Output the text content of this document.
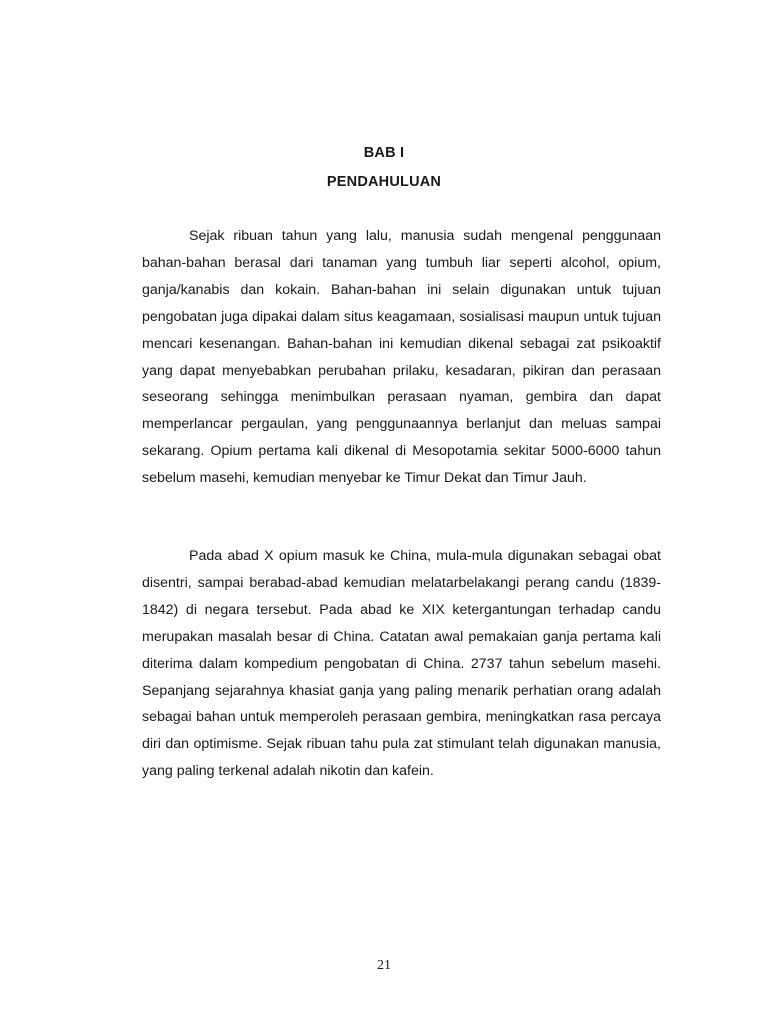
BAB I
PENDAHULUAN

Sejak ribuan tahun yang lalu, manusia sudah mengenal penggunaan bahan-bahan berasal dari tanaman yang tumbuh liar seperti alcohol, opium, ganja/kanabis dan kokain. Bahan-bahan ini selain digunakan untuk tujuan pengobatan juga dipakai dalam situs keagamaan, sosialisasi maupun untuk tujuan mencari kesenangan. Bahan-bahan ini kemudian dikenal sebagai zat psikoaktif yang dapat menyebabkan perubahan prilaku, kesadaran, pikiran dan perasaan seseorang sehingga menimbulkan perasaan nyaman, gembira dan dapat memperlancar pergaulan, yang penggunaannya berlanjut dan meluas sampai sekarang. Opium pertama kali dikenal di Mesopotamia sekitar 5000-6000 tahun sebelum masehi, kemudian menyebar ke Timur Dekat dan Timur Jauh.

Pada abad X opium masuk ke China, mula-mula digunakan sebagai obat disentri, sampai berabad-abad kemudian melatarbelakangi perang candu (1839-1842) di negara tersebut. Pada abad ke XIX ketergantungan terhadap candu merupakan masalah besar di China. Catatan awal pemakaian ganja pertama kali diterima dalam kompedium pengobatan di China. 2737 tahun sebelum masehi. Sepanjang sejarahnya khasiat ganja yang paling menarik perhatian orang adalah sebagai bahan untuk memperoleh perasaan gembira, meningkatkan rasa percaya diri dan optimisme. Sejak ribuan tahu pula zat stimulant telah digunakan manusia, yang paling terkenal adalah nikotin dan kafein.

21
